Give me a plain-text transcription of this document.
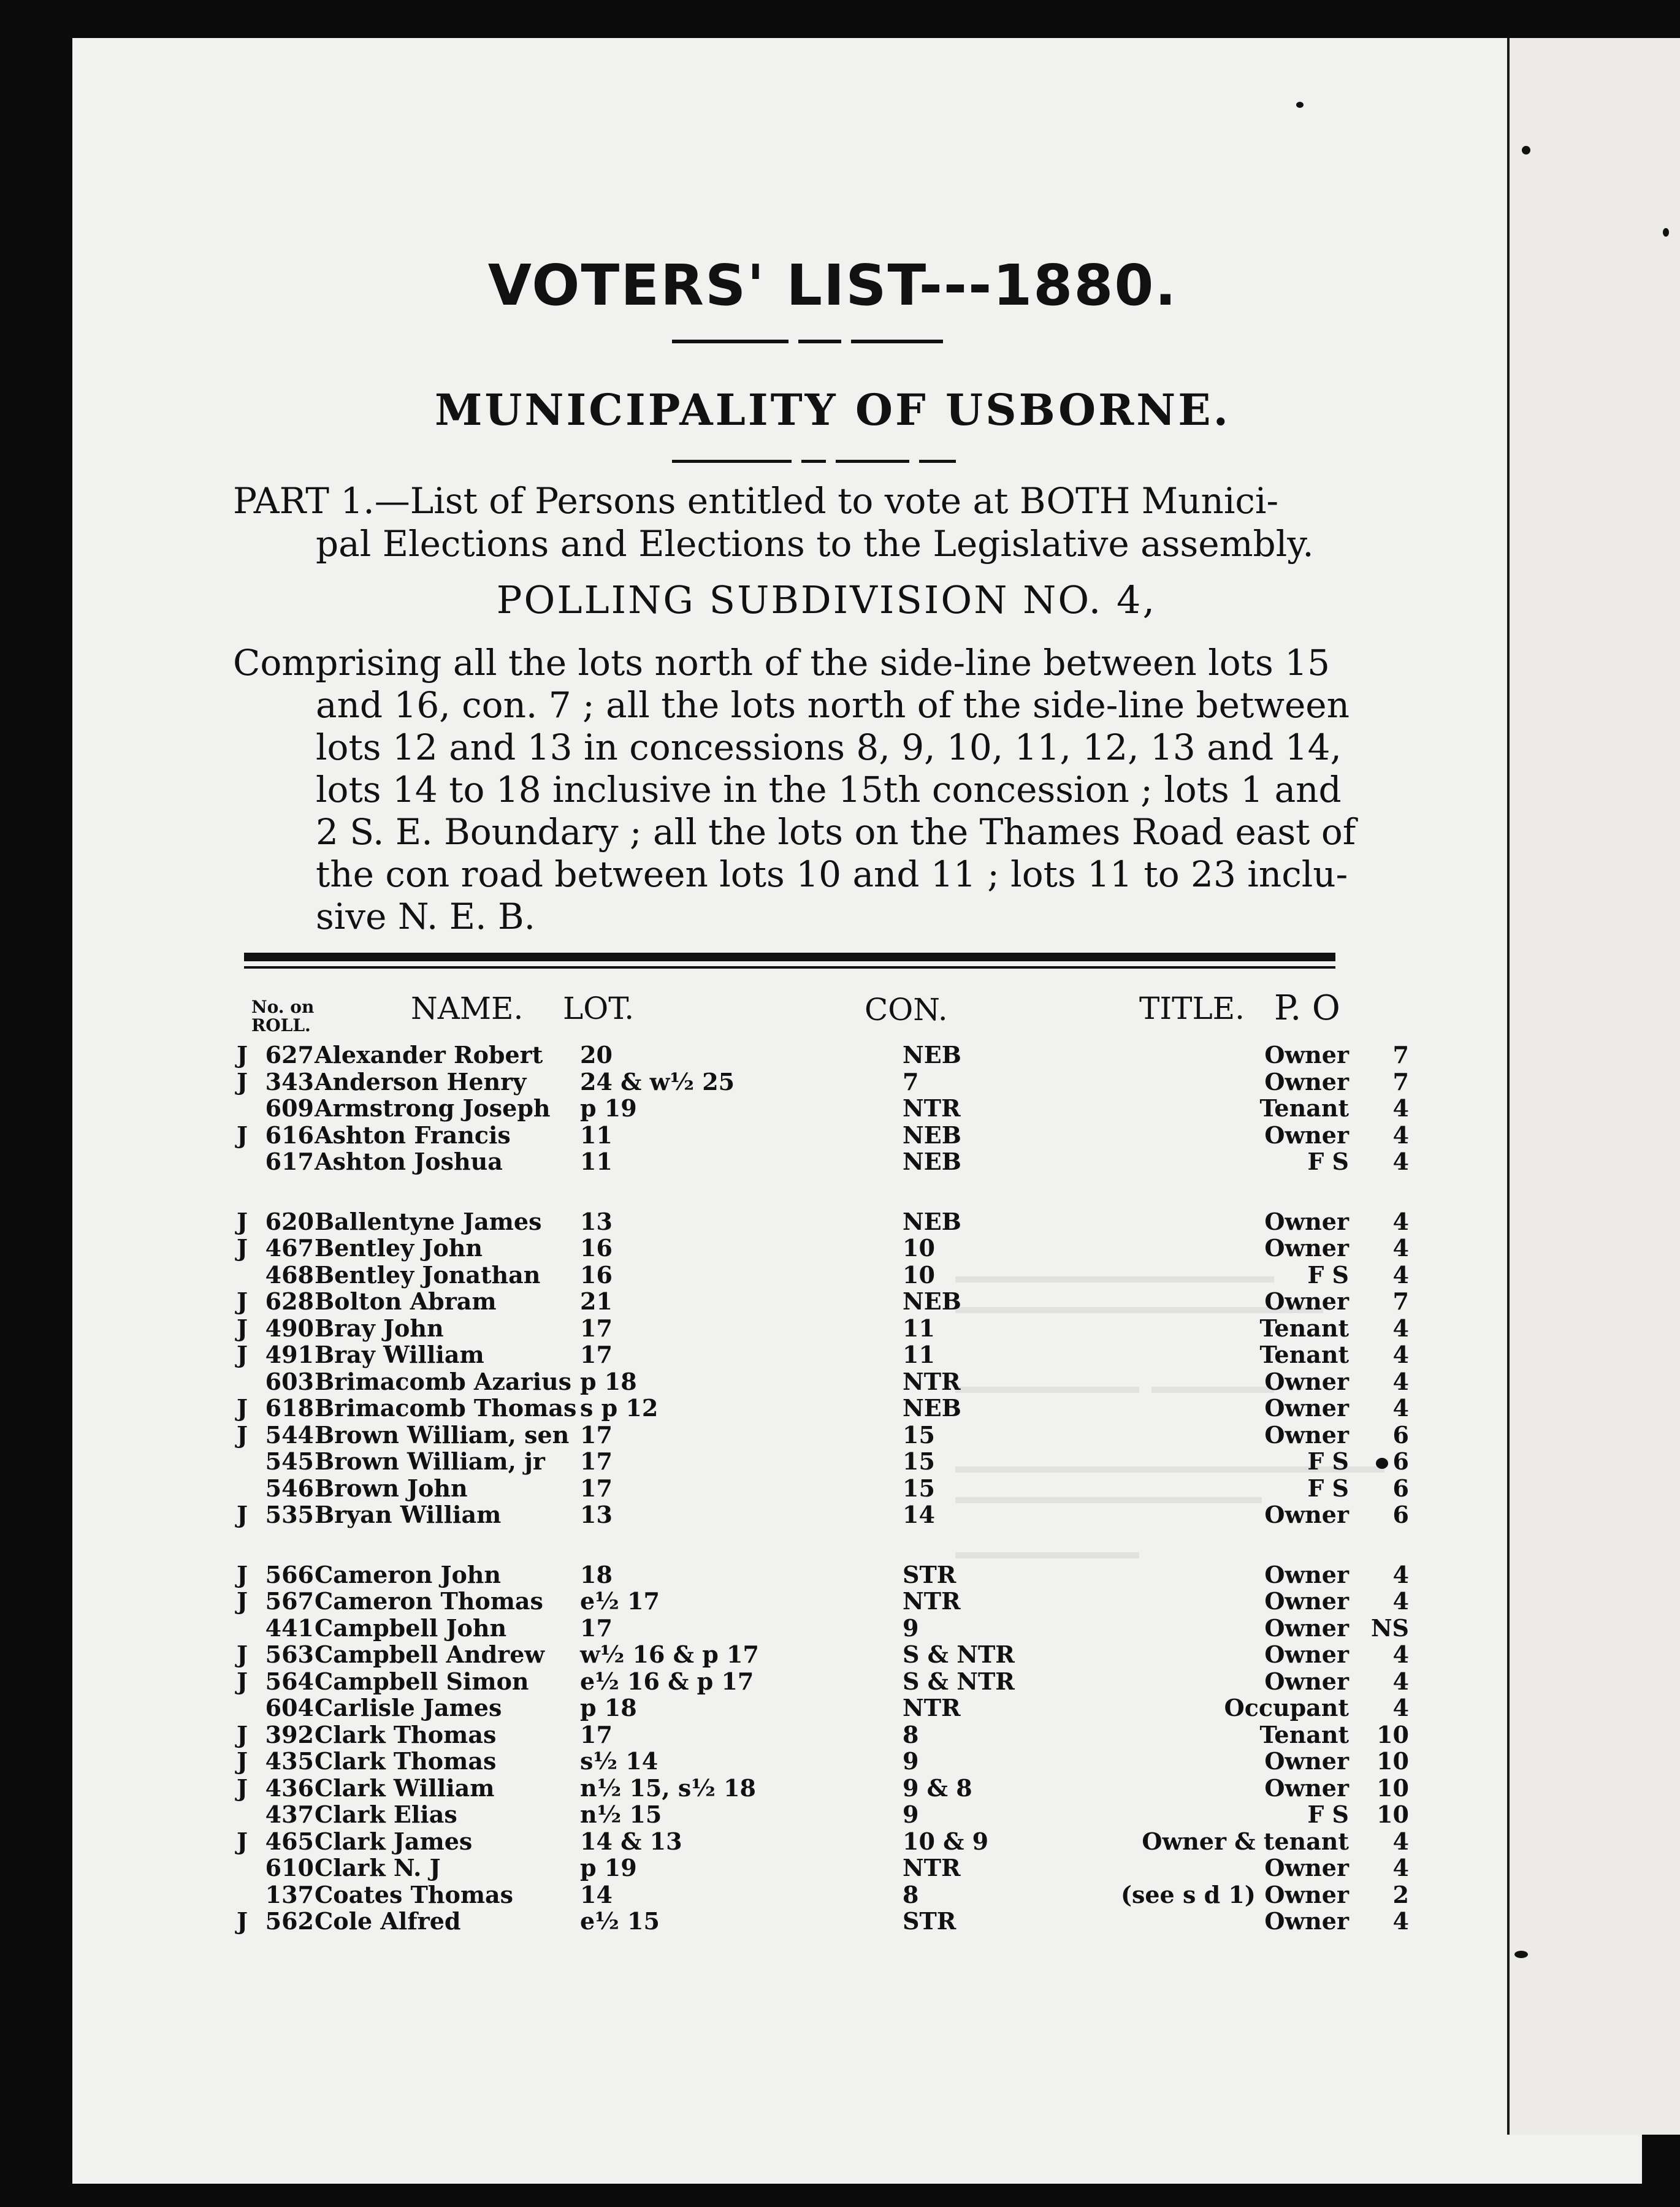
VOTERS' LIST---1880.
MUNICIPALITY OF USBORNE.
PART 1.—List of Persons entitled to vote at BOTH Munici-
pal Elections and Elections to the Legislative assembly.
POLLING SUBDIVISION NO. 4,
Comprising all the lots north of the side-line between lots 15
and 16, con. 7 ; all the lots north of the side-line between
lots 12 and 13 in concessions 8, 9, 10, 11, 12, 13 and 14,
lots 14 to 18 inclusive in the 15th concession ; lots 1 and
2 S. E. Boundary ; all the lots on the Thames Road east of
the con road between lots 10 and 11 ; lots 11 to 23 inclu-
sive N. E. B.
No. on ROLL.	NAME. LOT.	CON.	TITLE. P. O
J 627 Alexander Robert 20	NEB	Owner	7
J 343 Anderson Henry 24 & w½ 25	7	Owner	7
609 Armstrong Joseph p 19	NTR	Tenant	4
J 616 Ashton Francis	11	NEB	Owner	4
617 Ashton Joshua	11	NEB	F S	4
J 620 Ballentyne James 13	NEB	Owner	4
J 467 Bentley John	16	10	Owner	4
468 Bentley Jonathan 16	10	F S	4
J 628 Bolton Abram	21	NEB	Owner	7
J 490 Bray John	17	11	Tenant	4
J 491 Bray William	17	11	Tenant	4
603 Brimacomb Azarius p 18	NTR	Owner	4
J 618 Brimacomb Thomas s p 12	NEB	Owner	4
J 544 Brown William, sen 17	15	Owner	6
545 Brown William, jr 17	15	F S	6
546 Brown John	17	15	F S	6
J 535 Bryan William	13	14	Owner	6
J 566 Cameron John	18	STR	Owner	4
J 567 Cameron Thomas e½ 17	NTR	Owner	4
441 Campbell John	17	9	Owner NS
J 563 Campbell Andrew w½ 16 & p 17	S & NTR	Owner	4
J 564 Campbell Simon e½ 16 & p 17	S & NTR	Owner	4
604 Carlisle James	p 18	NTR	Occupant	4
J 392 Clark Thomas	17	8	Tenant	10
J 435 Clark Thomas	s½ 14	9	Owner	10
J 436 Clark William	n½ 15, s½ 18	9 & 8	Owner	10
437 Clark Elias	n½ 15	9	F S	10
J 465 Clark James	14 & 13	10 & 9	Owner & tenant	4
610 Clark N. J	p 19	NTR	Owner	4
137 Coates Thomas	14	8	Owner	2
(see s d 1)
J 562 Cole Alfred	e½ 15	STR	Owner	4
